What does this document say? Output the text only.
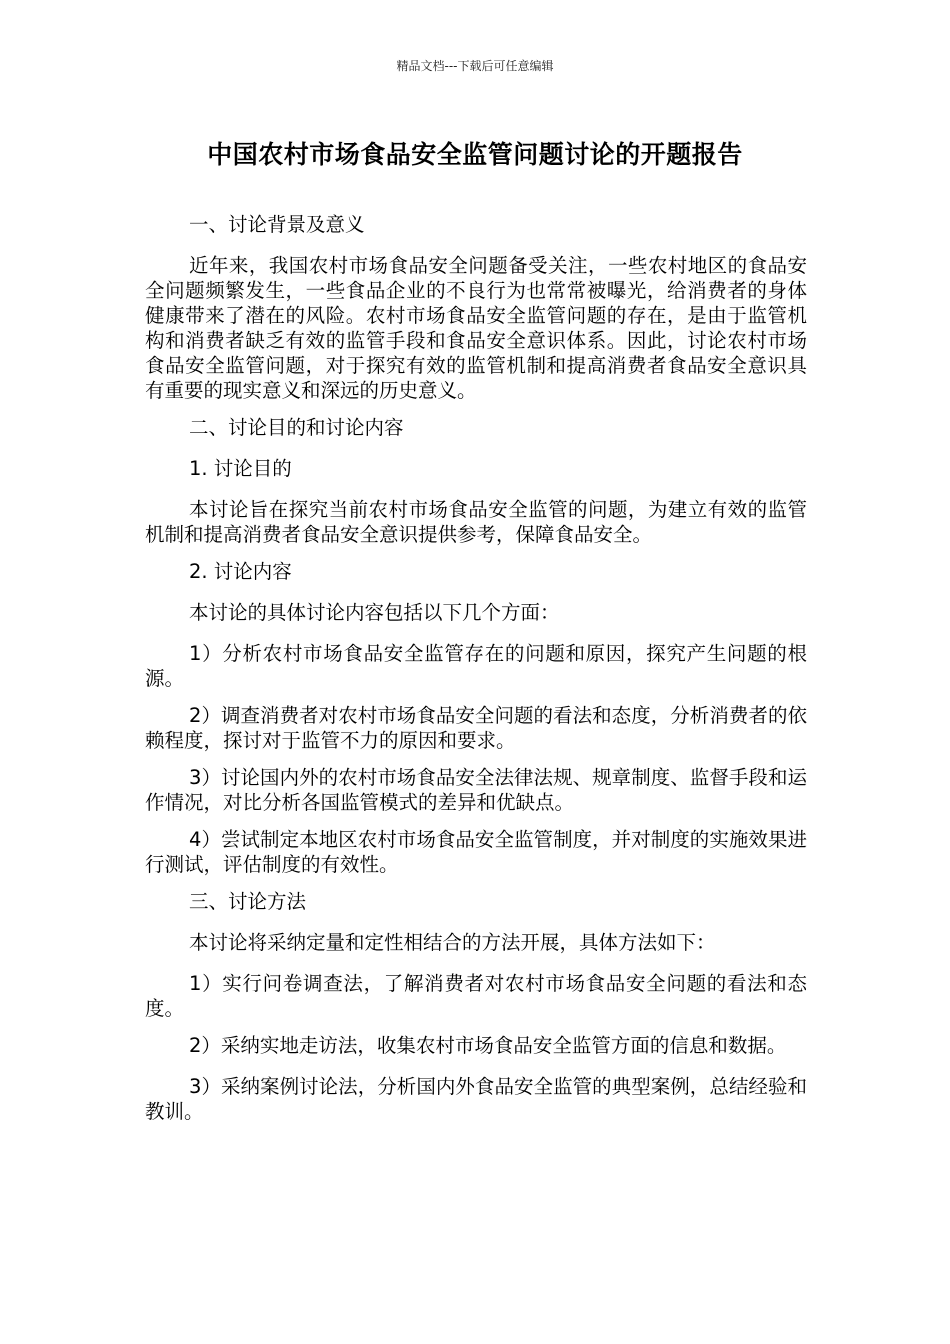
精品文档---下载后可任意编辑
中国农村市场食品安全监管问题讨论的开题报告

一、讨论背景及意义

近年来，我国农村市场食品安全问题备受关注，一些农村地区的食品安全问题频繁发生，一些食品企业的不良行为也常常被曝光，给消费者的身体健康带来了潜在的风险。农村市场食品安全监管问题的存在，是由于监管机构和消费者缺乏有效的监管手段和食品安全意识体系。因此，讨论农村市场食品安全监管问题，对于探究有效的监管机制和提高消费者食品安全意识具有重要的现实意义和深远的历史意义。

二、讨论目的和讨论内容

1. 讨论目的

本讨论旨在探究当前农村市场食品安全监管的问题，为建立有效的监管机制和提高消费者食品安全意识提供参考，保障食品安全。

2. 讨论内容

本讨论的具体讨论内容包括以下几个方面：

1）分析农村市场食品安全监管存在的问题和原因，探究产生问题的根源。

2）调查消费者对农村市场食品安全问题的看法和态度，分析消费者的依赖程度，探讨对于监管不力的原因和要求。

3）讨论国内外的农村市场食品安全法律法规、规章制度、监督手段和运作情况，对比分析各国监管模式的差异和优缺点。

4）尝试制定本地区农村市场食品安全监管制度，并对制度的实施效果进行测试，评估制度的有效性。

三、讨论方法

本讨论将采纳定量和定性相结合的方法开展，具体方法如下：

1）实行问卷调查法，了解消费者对农村市场食品安全问题的看法和态度。

2）采纳实地走访法，收集农村市场食品安全监管方面的信息和数据。

3）采纳案例讨论法，分析国内外食品安全监管的典型案例，总结经验和教训。
